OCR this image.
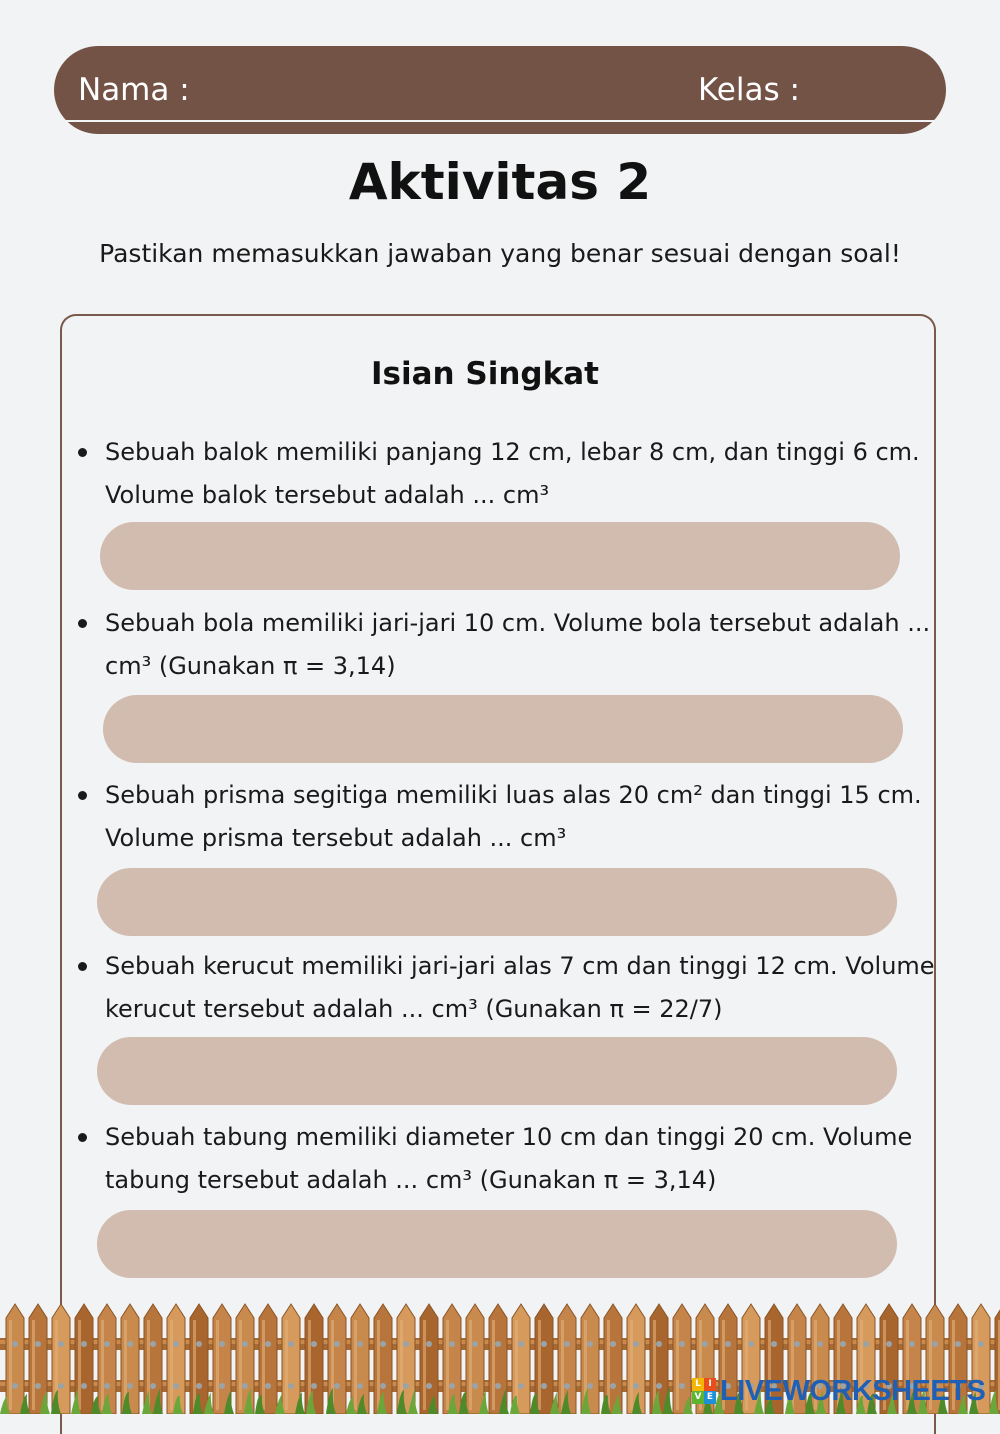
Nama :	Kelas :
Aktivitas 2
Pastikan memasukkan jawaban yang benar sesuai dengan soal!
Isian Singkat
Sebuah balok memiliki panjang 12 cm, lebar 8 cm, dan tinggi 6 cm. Volume balok tersebut adalah ... cm³
Sebuah bola memiliki jari-jari 10 cm. Volume bola tersebut adalah ... cm³ (Gunakan π = 3,14)
Sebuah prisma segitiga memiliki luas alas 20 cm² dan tinggi 15 cm. Volume prisma tersebut adalah ... cm³
Sebuah kerucut memiliki jari-jari alas 7 cm dan tinggi 12 cm. Volume kerucut tersebut adalah ... cm³ (Gunakan π = 22/7)
Sebuah tabung memiliki diameter 10 cm dan tinggi 20 cm. Volume tabung tersebut adalah ... cm³ (Gunakan π = 3,14)
L I
V E LIVEWORKSHEETS
